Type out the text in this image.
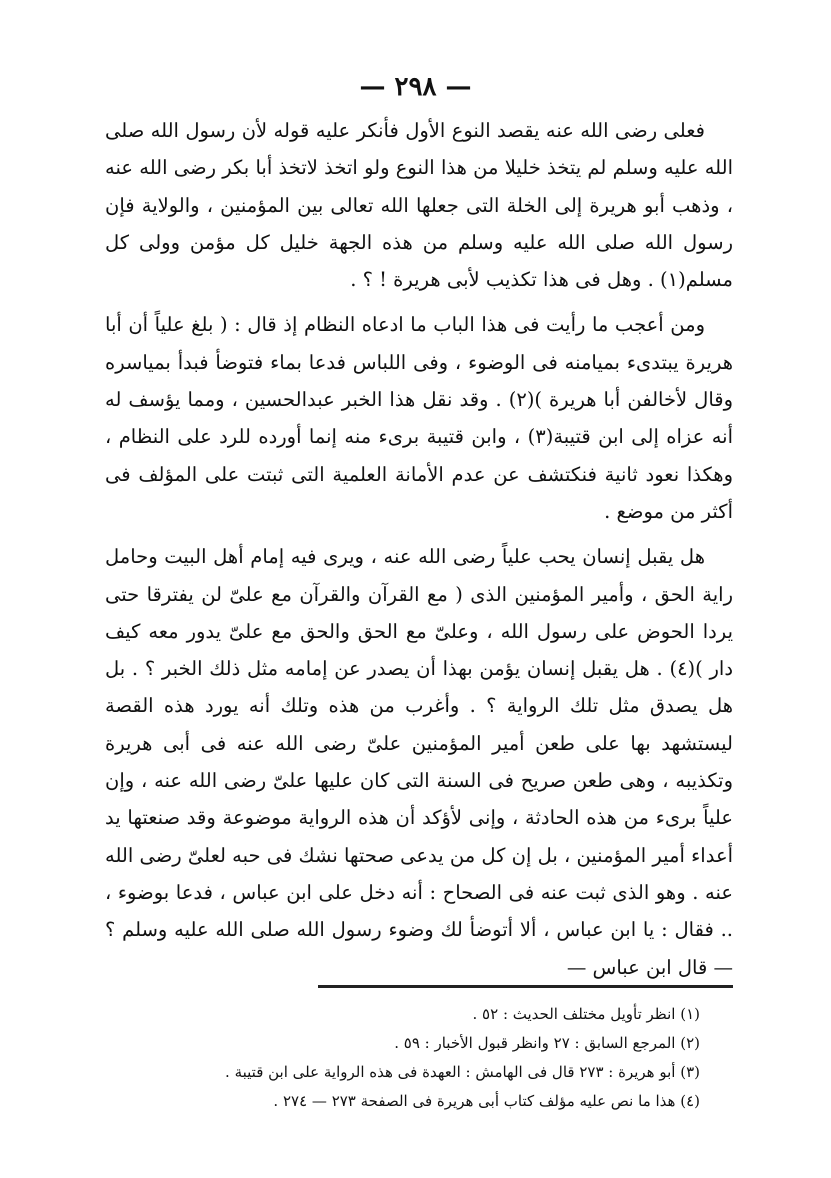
— ٢٩٨ —

فعلى رضى الله عنه يقصد النوع الأول فأنكر عليه قوله لأن رسول الله صلى الله عليه وسلم لم يتخذ خليلا من هذا النوع ولو اتخذ لاتخذ أبا بكر رضى الله عنه ، وذهب أبو هريرة إلى الخلة التى جعلها الله تعالى بين المؤمنين ، والولاية فإن رسول الله صلى الله عليه وسلم من هذه الجهة خليل كل مؤمن وولى كل مسلم(١) . وهل فى هذا تكذيب لأبى هريرة ! ؟ .

ومن أعجب ما رأيت فى هذا الباب ما ادعاه النظام إذ قال : ( بلغ علياً أن أبا هريرة يبتدىء بميامنه فى الوضوء ، وفى اللباس فدعا بماء فتوضأ فبدأ بمياسره وقال لأخالفن أبا هريرة )(٢) . وقد نقل هذا الخبر عبدالحسين ، ومما يؤسف له أنه عزاه إلى ابن قتيبة(٣) ، وابن قتيبة برىء منه إنما أورده للرد على النظام ، وهكذا نعود ثانية فنكتشف عن عدم الأمانة العلمية التى ثبتت على المؤلف فى أكثر من موضع .

هل يقبل إنسان يحب علياً رضى الله عنه ، ويرى فيه إمام أهل البيت وحامل راية الحق ، وأمير المؤمنين الذى ( مع القرآن والقرآن مع علىّ لن يفترقا حتى يردا الحوض على رسول الله ، وعلىّ مع الحق والحق مع علىّ يدور معه كيف دار )(٤) . هل يقبل إنسان يؤمن بهذا أن يصدر عن إمامه مثل ذلك الخبر ؟ . بل هل يصدق مثل تلك الرواية ؟ . وأغرب من هذه وتلك أنه يورد هذه القصة ليستشهد بها على طعن أمير المؤمنين علىّ رضى الله عنه فى أبى هريرة وتكذيبه ، وهى طعن صريح فى السنة التى كان عليها علىّ رضى الله عنه ، وإن علياً برىء من هذه الحادثة ، وإنى لأؤكد أن هذه الرواية موضوعة وقد صنعتها يد أعداء أمير المؤمنين ، بل إن كل من يدعى صحتها نشك فى حبه لعلىّ رضى الله عنه . وهو الذى ثبت عنه فى الصحاح : أنه دخل على ابن عباس ، فدعا بوضوء ، .. فقال : يا ابن عباس ، ألا أتوضأ لك وضوء رسول الله صلى الله عليه وسلم ؟ — قال ابن عباس —

(١) انظر تأويل مختلف الحديث : ٥٢ .

(٢) المرجع السابق : ٢٧ وانظر قبول الأخبار : ٥٩ .

(٣) أبو هريرة : ٢٧٣ قال فى الهامش : العهدة فى هذه الرواية على ابن قتيبة .

(٤) هذا ما نص عليه مؤلف كتاب أبى هريرة فى الصفحة ٢٧٣ — ٢٧٤ .
